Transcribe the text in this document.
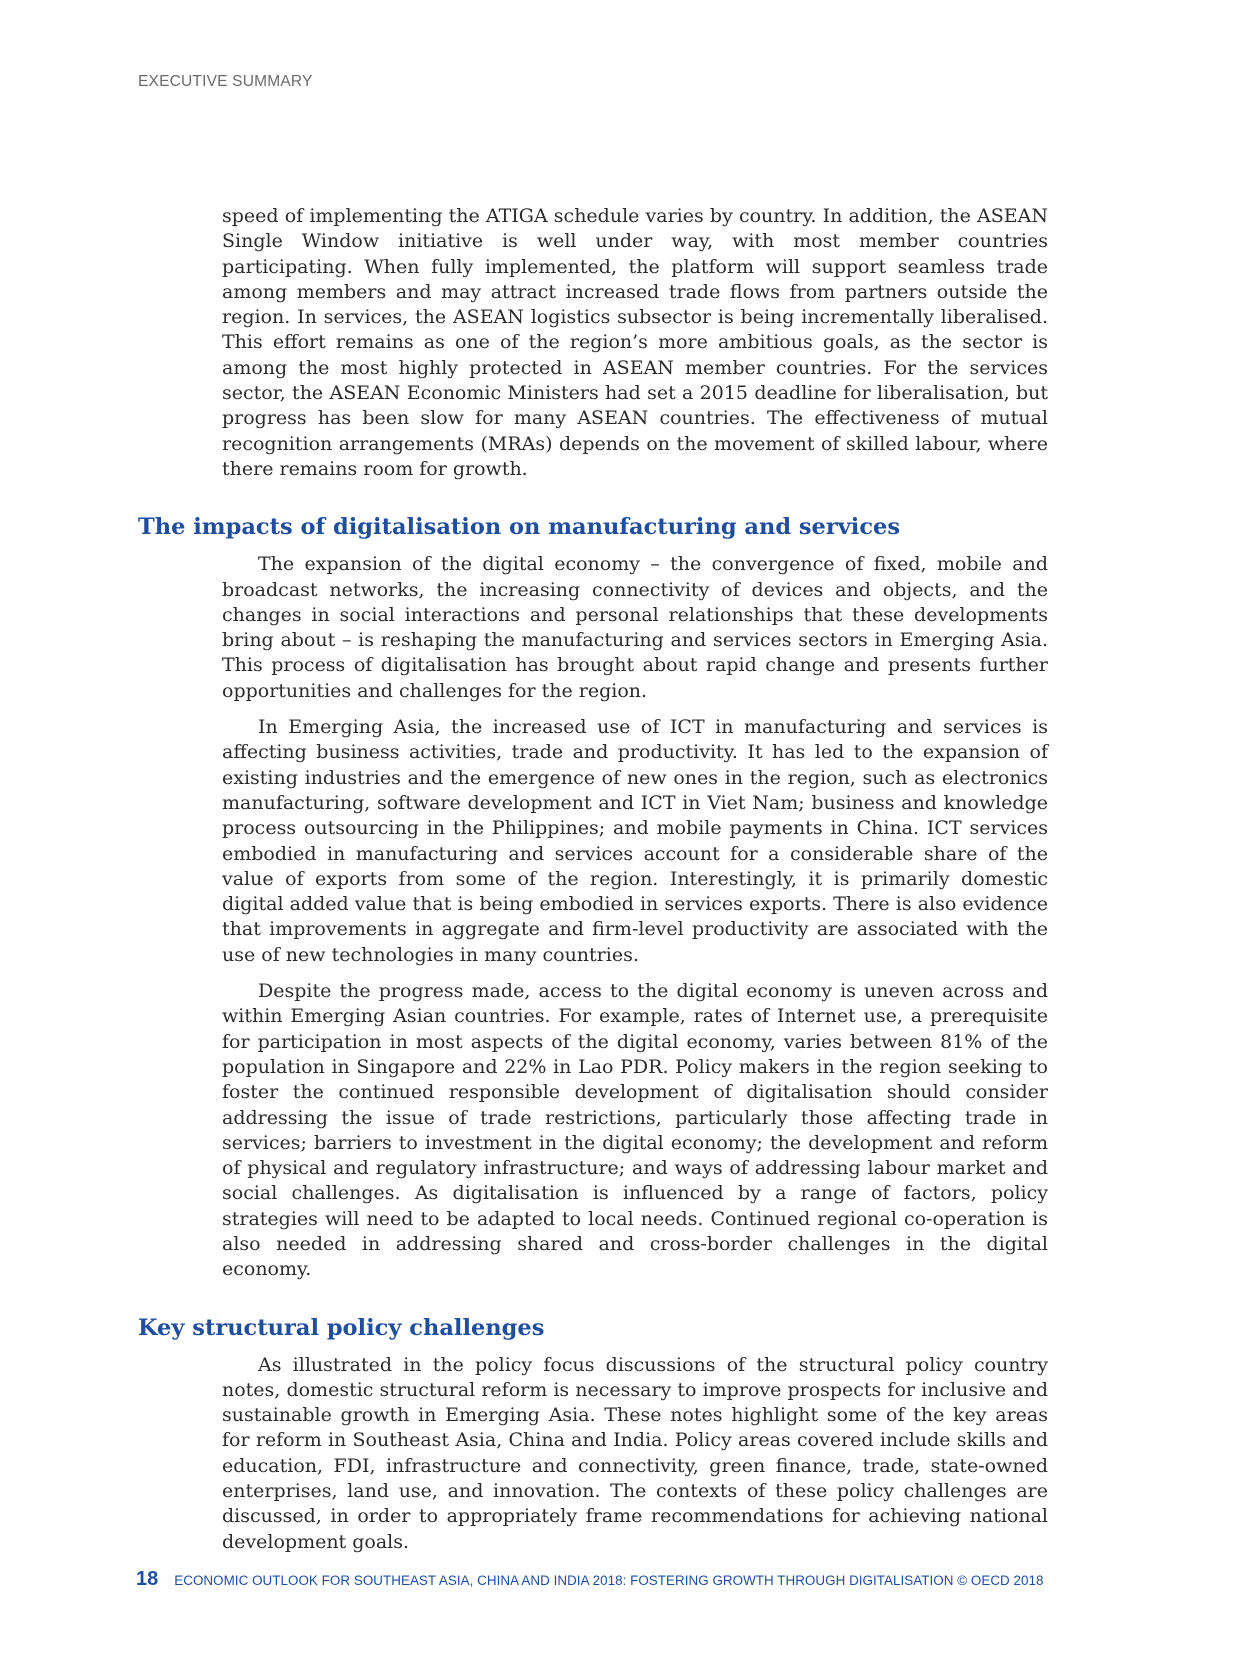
EXECUTIVE SUMMARY

speed of implementing the ATIGA schedule varies by country. In addition, the ASEAN Single Window initiative is well under way, with most member countries participating. When fully implemented, the platform will support seamless trade among members and may attract increased trade flows from partners outside the region. In services, the ASEAN logistics subsector is being incrementally liberalised. This effort remains as one of the region’s more ambitious goals, as the sector is among the most highly protected in ASEAN member countries. For the services sector, the ASEAN Economic Ministers had set a 2015 deadline for liberalisation, but progress has been slow for many ASEAN countries. The effectiveness of mutual recognition arrangements (MRAs) depends on the movement of skilled labour, where there remains room for growth.

The impacts of digitalisation on manufacturing and services

The expansion of the digital economy – the convergence of fixed, mobile and broadcast networks, the increasing connectivity of devices and objects, and the changes in social interactions and personal relationships that these developments bring about – is reshaping the manufacturing and services sectors in Emerging Asia. This process of digitalisation has brought about rapid change and presents further opportunities and challenges for the region.

In Emerging Asia, the increased use of ICT in manufacturing and services is affecting business activities, trade and productivity. It has led to the expansion of existing industries and the emergence of new ones in the region, such as electronics manufacturing, software development and ICT in Viet Nam; business and knowledge process outsourcing in the Philippines; and mobile payments in China. ICT services embodied in manufacturing and services account for a considerable share of the value of exports from some of the region. Interestingly, it is primarily domestic digital added value that is being embodied in services exports. There is also evidence that improvements in aggregate and firm-level productivity are associated with the use of new technologies in many countries.

Despite the progress made, access to the digital economy is uneven across and within Emerging Asian countries. For example, rates of Internet use, a prerequisite for participation in most aspects of the digital economy, varies between 81% of the population in Singapore and 22% in Lao PDR. Policy makers in the region seeking to foster the continued responsible development of digitalisation should consider addressing the issue of trade restrictions, particularly those affecting trade in services; barriers to investment in the digital economy; the development and reform of physical and regulatory infrastructure; and ways of addressing labour market and social challenges. As digitalisation is influenced by a range of factors, policy strategies will need to be adapted to local needs. Continued regional co-operation is also needed in addressing shared and cross-border challenges in the digital economy.

Key structural policy challenges

As illustrated in the policy focus discussions of the structural policy country notes, domestic structural reform is necessary to improve prospects for inclusive and sustainable growth in Emerging Asia. These notes highlight some of the key areas for reform in Southeast Asia, China and India. Policy areas covered include skills and education, FDI, infrastructure and connectivity, green finance, trade, state-owned enterprises, land use, and innovation. The contexts of these policy challenges are discussed, in order to appropriately frame recommendations for achieving national development goals.

18 ECONOMIC OUTLOOK FOR SOUTHEAST ASIA, CHINA AND INDIA 2018: FOSTERING GROWTH THROUGH DIGITALISATION © OECD 2018
